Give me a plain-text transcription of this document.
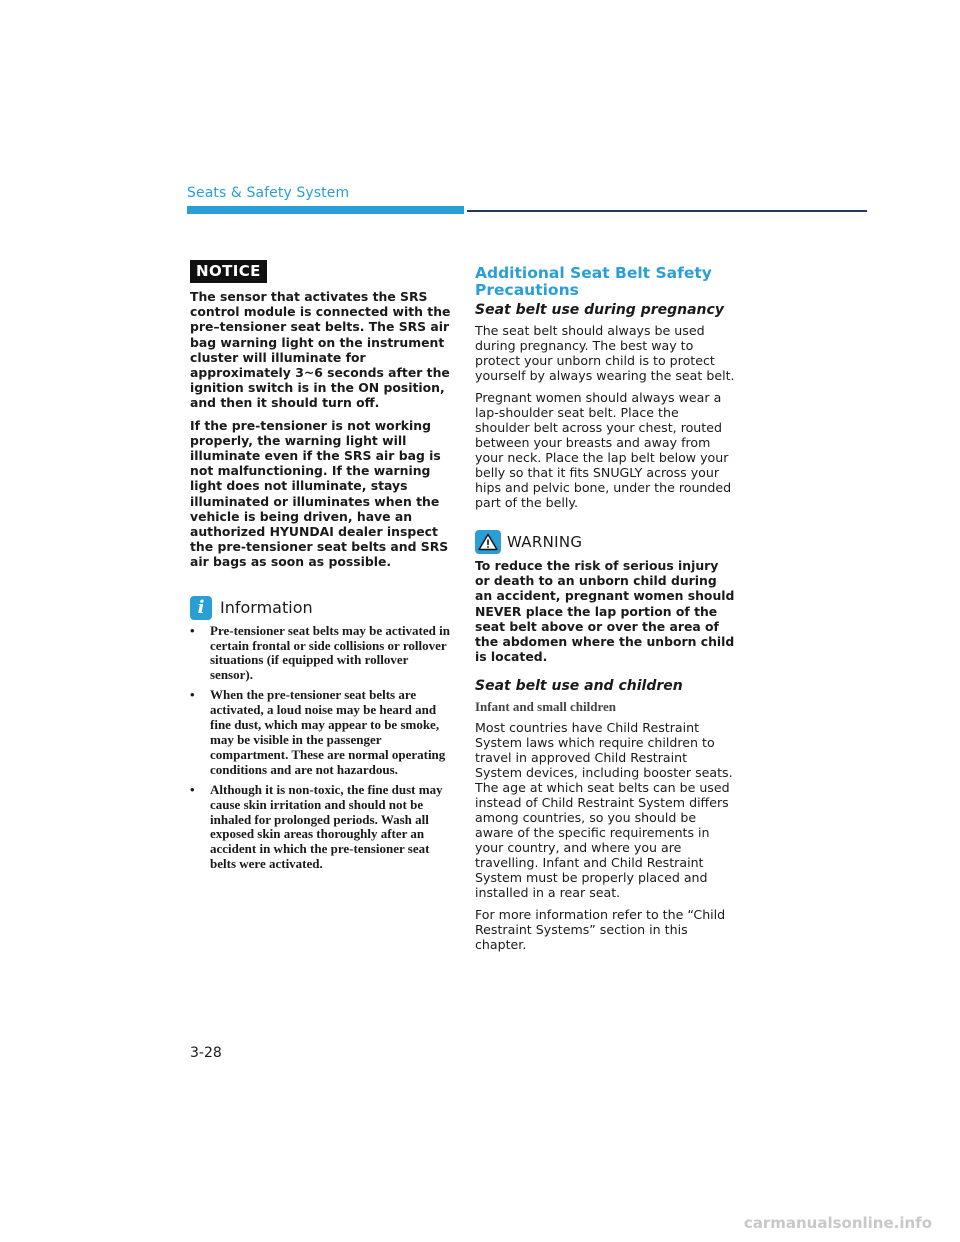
Seats & Safety System
NOTICE

The sensor that activates the SRS control module is connected with the pre–tensioner seat belts. The SRS air bag warning light on the instrument cluster will illuminate for approximately 3~6 seconds after the ignition switch is in the ON position, and then it should turn off.

If the pre-tensioner is not working properly, the warning light will illuminate even if the SRS air bag is not malfunctioning. If the warning light does not illuminate, stays illuminated or illuminates when the vehicle is being driven, have an authorized HYUNDAI dealer inspect the pre-tensioner seat belts and SRS air bags as soon as possible.

i Information
• Pre-tensioner seat belts may be activated in certain frontal or side collisions or rollover situations (if equipped with rollover sensor).
• When the pre-tensioner seat belts are activated, a loud noise may be heard and fine dust, which may appear to be smoke, may be visible in the passenger compartment. These are normal operating conditions and are not hazardous.
• Although it is non-toxic, the fine dust may cause skin irritation and should not be inhaled for prolonged periods. Wash all exposed skin areas thoroughly after an accident in which the pre-tensioner seat belts were activated.
Additional Seat Belt Safety Precautions
Seat belt use during pregnancy

The seat belt should always be used during pregnancy. The best way to protect your unborn child is to protect yourself by always wearing the seat belt.

Pregnant women should always wear a lap-shoulder seat belt. Place the shoulder belt across your chest, routed between your breasts and away from your neck. Place the lap belt below your belly so that it fits SNUGLY across your hips and pelvic bone, under the rounded part of the belly.

WARNING

To reduce the risk of serious injury or death to an unborn child during an accident, pregnant women should NEVER place the lap portion of the seat belt above or over the area of the abdomen where the unborn child is located.

Seat belt use and children
Infant and small children

Most countries have Child Restraint System laws which require children to travel in approved Child Restraint System devices, including booster seats. The age at which seat belts can be used instead of Child Restraint System differs among countries, so you should be aware of the specific requirements in your country, and where you are travelling. Infant and Child Restraint System must be properly placed and installed in a rear seat.

For more information refer to the “Child Restraint Systems” section in this chapter.

3-28
carmanualsonline.info
